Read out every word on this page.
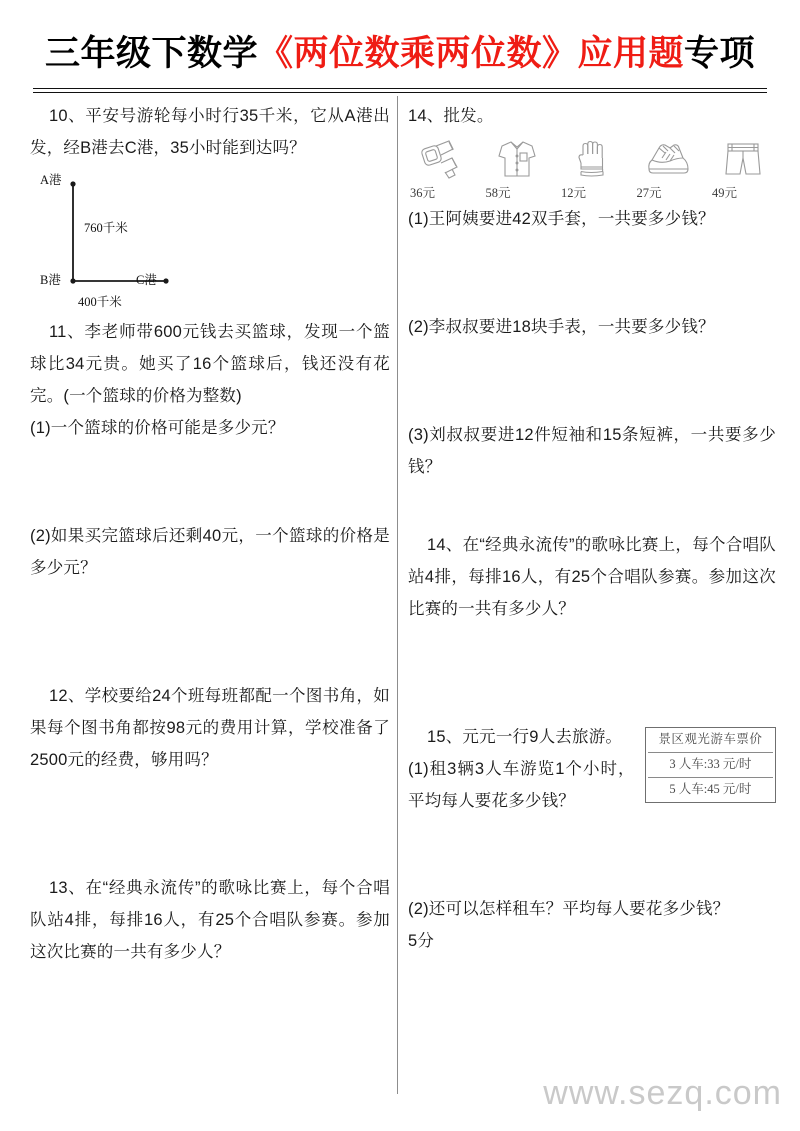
三年级下数学《两位数乘两位数》应用题专项
10、平安号游轮每小时行35千米，它从A港出发，经B港去C港，35小时能到达吗？
A港
B港	C港
760千米
400千米
11、李老师带600元钱去买篮球，发现一个篮球比34元贵。她买了16个篮球后，钱还没有花完。(一个篮球的价格为整数)
(1)一个篮球的价格可能是多少元？
(2)如果买完篮球后还剩40元，一个篮球的价格是多少元？
12、学校要给24个班每班都配一个图书角，如果每个图书角都按98元的费用计算，学校准备了2500元的经费，够用吗？
13、在“经典永流传”的歌咏比赛上，每个合唱队站4排，每排16人，有25个合唱队参赛。参加这次比赛的一共有多少人？
14、批发。
36元	58元	12元	27元	49元
(1)王阿姨要进42双手套，一共要多少钱？
(2)李叔叔要进18块手表，一共要多少钱？
(3)刘叔叔要进12件短袖和15条短裤，一共要多少钱？
14、在“经典永流传”的歌咏比赛上，每个合唱队站4排，每排16人，有25个合唱队参赛。参加这次比赛的一共有多少人？
15、元元一行9人去旅游。
(1)租3辆3人车游览1个小时，平均每人要花多少钱？
景区观光游车票价
3 人车:33 元/时
5 人车:45 元/时
(2)还可以怎样租车？平均每人要花多少钱？
5分
www.sezq.com
